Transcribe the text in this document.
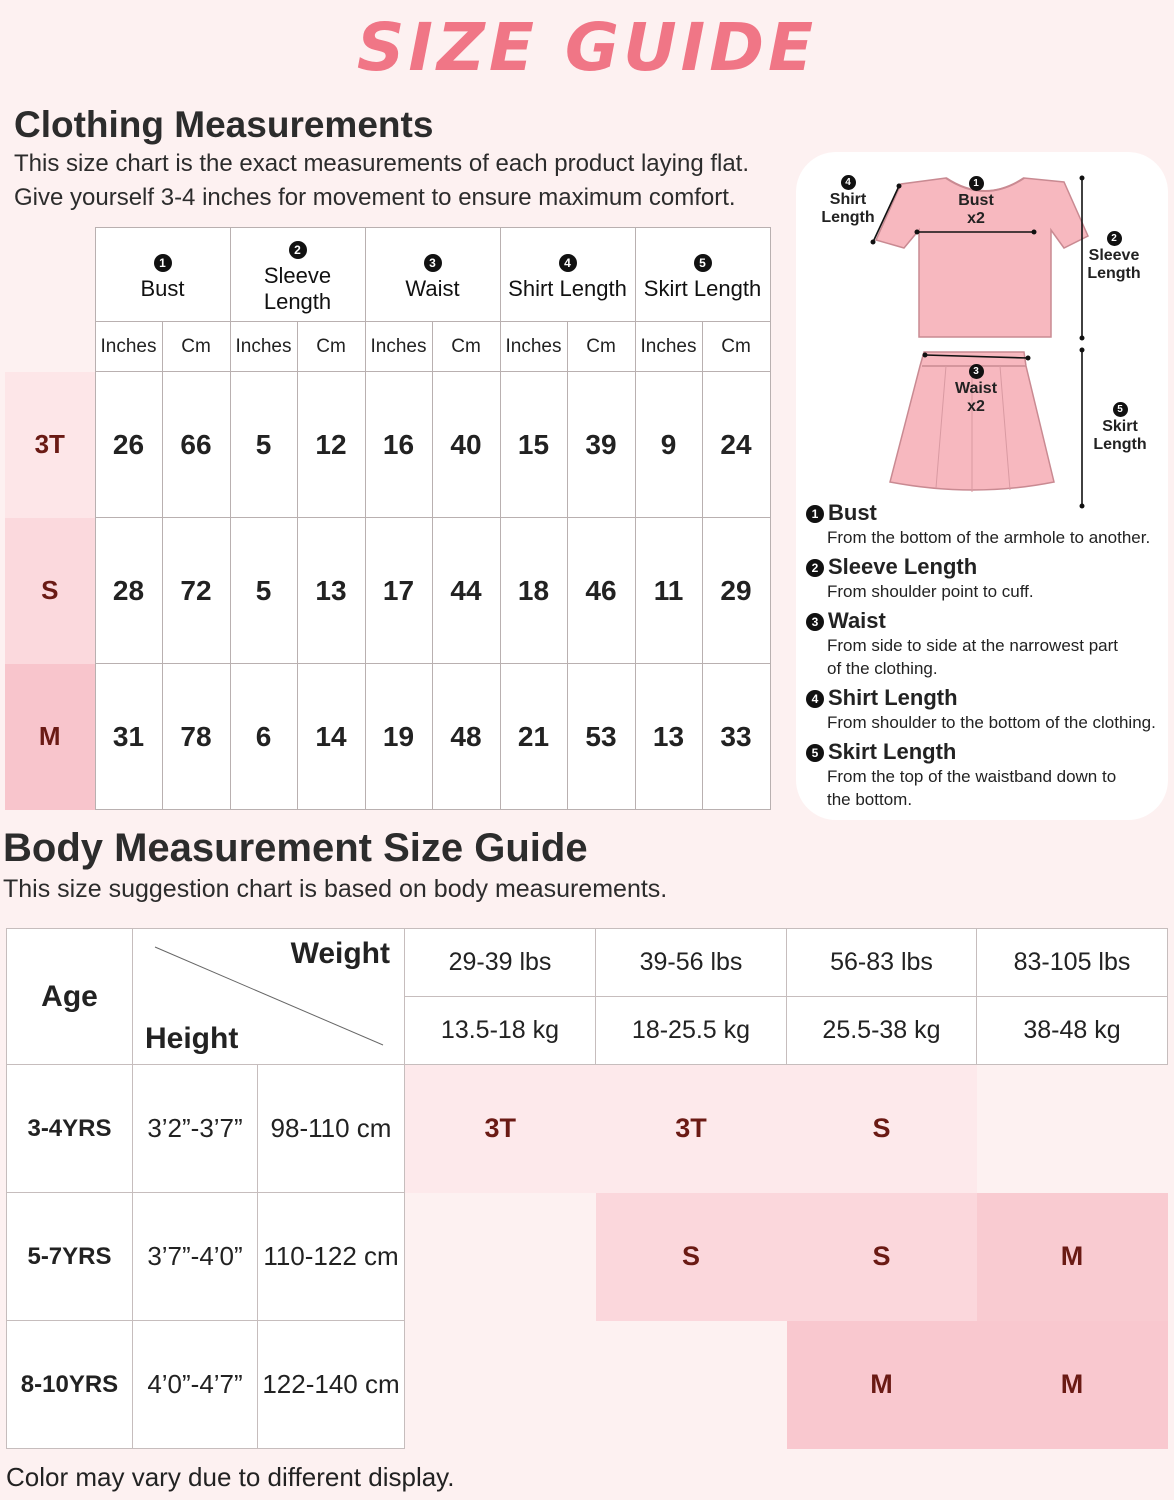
SIZE GUIDE
Clothing Measurements
This size chart is the exact measurements of each product laying flat.
Give yourself 3-4 inches for movement to ensure maximum comfort.
	1
Bust		2
Sleeve Length		3
Waist		4
Shirt Length		5
Skirt Length	
	Inches	Cm	Inches	Cm	Inches	Cm	Inches	Cm	Inches	Cm
3T	26	66	5	12	16	40	15	39	9	24
S	28	72	5	13	17	44	18	46	11	29
M	31	78	6	14	19	48	21	53	13	33
4
Shirt
Length
1
Bust
x2
2
Sleeve
Length
3
Waist
x2	5
Skirt
Length
1 Bust
From the bottom of the armhole to another.
2 Sleeve Length
From shoulder point to cuff.
3 Waist
From side to side at the narrowest part of the clothing.
4 Shirt Length
From shoulder to the bottom of the clothing.
5 Skirt Length
From the top of the waistband down to the bottom.
Body Measurement Size Guide
This size suggestion chart is based on body measurements.
Age	Weight
Height		29-39 lbs	39-56 lbs	56-83 lbs	83-105 lbs
			13.5-18 kg	18-25.5 kg	25.5-38 kg	38-48 kg
3-4YRS	3’2”-3’7”	98-110 cm	3T	3T	S	
5-7YRS	3’7”-4’0”	110-122 cm		S	S	M
8-10YRS	4’0”-4’7”	122-140 cm			M	M
Color may vary due to different display.
